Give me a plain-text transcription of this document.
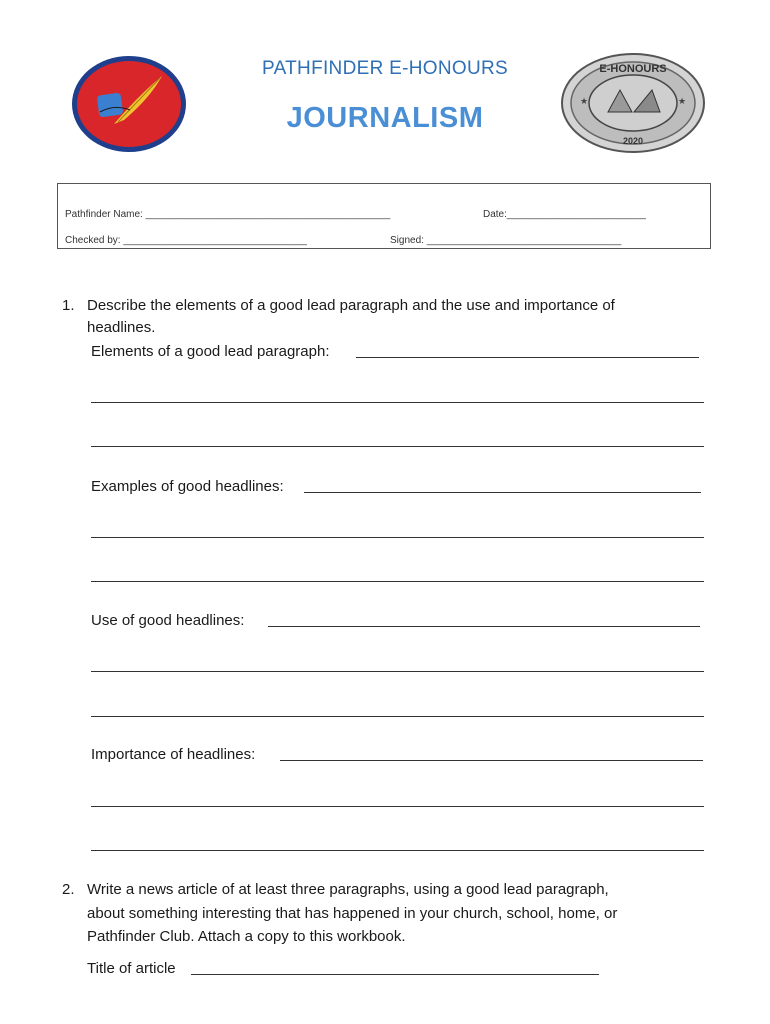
E-HONOURS
2020
★	★
PATHFINDER E-HONOURS
JOURNALISM
Pathfinder Name: ____________________________________________	Date:_________________________
Checked by: _________________________________	Signed: ___________________________________
1. Describe the elements of a good lead paragraph and the use and importance of
headlines.
Elements of a good lead paragraph:
Examples of good headlines:
Use of good headlines:
Importance of headlines:
2. Write a news article of at least three paragraphs, using a good lead paragraph,
about something interesting that has happened in your church, school, home, or
Pathfinder Club. Attach a copy to this workbook.
Title of article
